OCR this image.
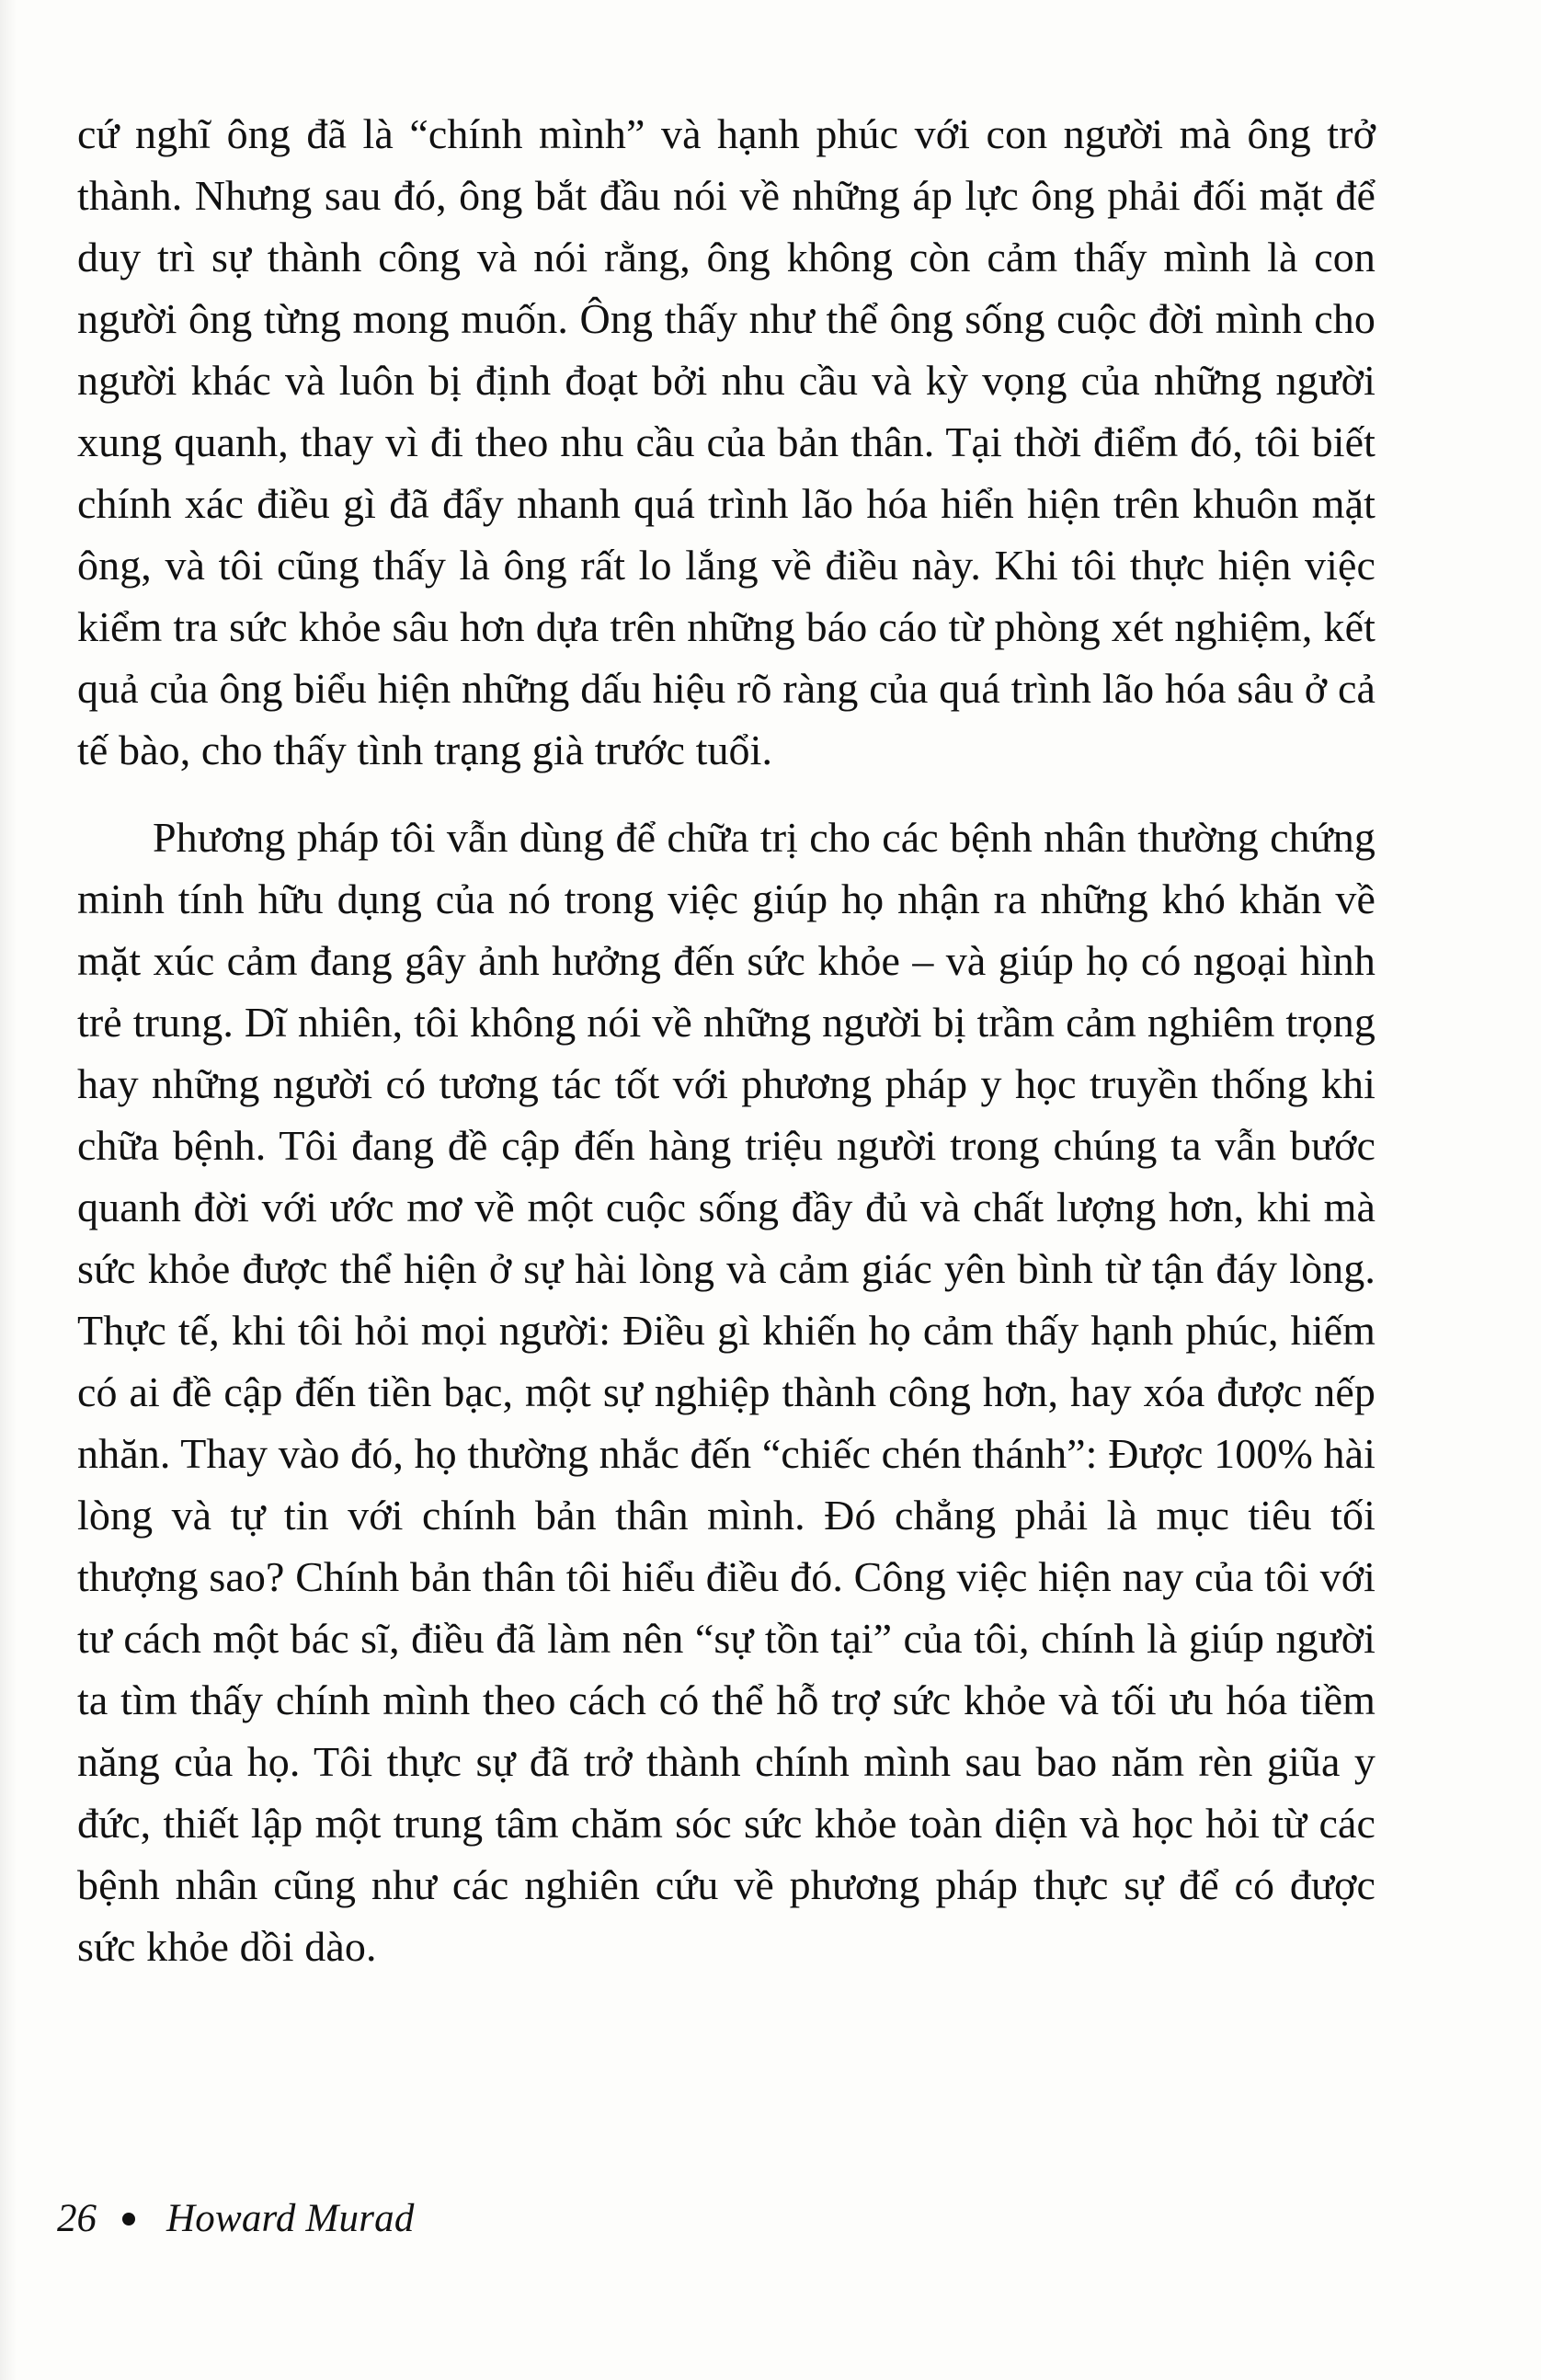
cứ nghĩ ông đã là “chính mình” và hạnh phúc với con người mà ông trở thành. Nhưng sau đó, ông bắt đầu nói về những áp lực ông phải đối mặt để duy trì sự thành công và nói rằng, ông không còn cảm thấy mình là con người ông từng mong muốn. Ông thấy như thể ông sống cuộc đời mình cho người khác và luôn bị định đoạt bởi nhu cầu và kỳ vọng của những người xung quanh, thay vì đi theo nhu cầu của bản thân. Tại thời điểm đó, tôi biết chính xác điều gì đã đẩy nhanh quá trình lão hóa hiển hiện trên khuôn mặt ông, và tôi cũng thấy là ông rất lo lắng về điều này. Khi tôi thực hiện việc kiểm tra sức khỏe sâu hơn dựa trên những báo cáo từ phòng xét nghiệm, kết quả của ông biểu hiện những dấu hiệu rõ ràng của quá trình lão hóa sâu ở cả tế bào, cho thấy tình trạng già trước tuổi.

Phương pháp tôi vẫn dùng để chữa trị cho các bệnh nhân thường chứng minh tính hữu dụng của nó trong việc giúp họ nhận ra những khó khăn về mặt xúc cảm đang gây ảnh hưởng đến sức khỏe – và giúp họ có ngoại hình trẻ trung. Dĩ nhiên, tôi không nói về những người bị trầm cảm nghiêm trọng hay những người có tương tác tốt với phương pháp y học truyền thống khi chữa bệnh. Tôi đang đề cập đến hàng triệu người trong chúng ta vẫn bước quanh đời với ước mơ về một cuộc sống đầy đủ và chất lượng hơn, khi mà sức khỏe được thể hiện ở sự hài lòng và cảm giác yên bình từ tận đáy lòng. Thực tế, khi tôi hỏi mọi người: Điều gì khiến họ cảm thấy hạnh phúc, hiếm có ai đề cập đến tiền bạc, một sự nghiệp thành công hơn, hay xóa được nếp nhăn. Thay vào đó, họ thường nhắc đến “chiếc chén thánh”: Được 100% hài lòng và tự tin với chính bản thân mình. Đó chẳng phải là mục tiêu tối thượng sao? Chính bản thân tôi hiểu điều đó. Công việc hiện nay của tôi với tư cách một bác sĩ, điều đã làm nên “sự tồn tại” của tôi, chính là giúp người ta tìm thấy chính mình theo cách có thể hỗ trợ sức khỏe và tối ưu hóa tiềm năng của họ. Tôi thực sự đã trở thành chính mình sau bao năm rèn giũa y đức, thiết lập một trung tâm chăm sóc sức khỏe toàn diện và học hỏi từ các bệnh nhân cũng như các nghiên cứu về phương pháp thực sự để có được sức khỏe dồi dào.

26 Howard Murad
